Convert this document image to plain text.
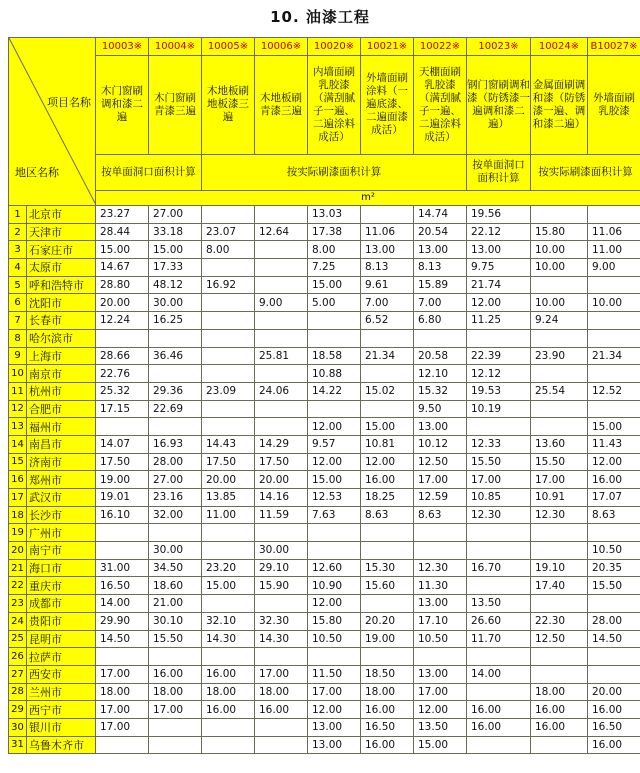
10. 油漆工程
项目名称
地区名称		10003※	10004※	10005※	10006※	10020※	10021※	10022※	10023※	10024※	B10027※
		木门窗刷调和漆二遍	木门窗刷青漆三遍	木地板刷地板漆三遍	木地板刷青漆三遍	内墙面刷乳胶漆（满刮腻子一遍、二遍涂料成活）	外墙面刷涂料（一遍底漆、二遍面漆成活）	天棚面刷乳胶漆（满刮腻子一遍、二遍涂料成活）	钢门窗刷调和漆（防锈漆一遍调和漆二遍）	金属面刷调和漆（防锈漆一遍、调和漆二遍）	外墙面刷乳胶漆
		按单面洞口面积计算		按实际刷漆面积计算					按单面洞口面积计算	按实际刷漆面积计算	
		m²									
1	北京市	23.27	27.00			13.03		14.74	19.56		
2	天津市	28.44	33.18	23.07	12.64	17.38	11.06	20.54	22.12	15.80	11.06
3	石家庄市	15.00	15.00	8.00		8.00	13.00	13.00	13.00	10.00	11.00
4	太原市	14.67	17.33			7.25	8.13	8.13	9.75	10.00	9.00
5	呼和浩特市	28.80	48.12	16.92		15.00	9.61	15.89	21.74		
6	沈阳市	20.00	30.00		9.00	5.00	7.00	7.00	12.00	10.00	10.00
7	长春市	12.24	16.25				6.52	6.80	11.25	9.24	
8	哈尔滨市										
9	上海市	28.66	36.46		25.81	18.58	21.34	20.58	22.39	23.90	21.34
10	南京市	22.76				10.88		12.10	12.12		
11	杭州市	25.32	29.36	23.09	24.06	14.22	15.02	15.32	19.53	25.54	12.52
12	合肥市	17.15	22.69					9.50	10.19		
13	福州市					12.00	15.00	13.00			15.00
14	南昌市	14.07	16.93	14.43	14.29	9.57	10.81	10.12	12.33	13.60	11.43
15	济南市	17.50	28.00	17.50	17.50	12.00	12.00	12.50	15.50	15.50	12.00
16	郑州市	19.00	27.00	20.00	20.00	15.00	16.00	17.00	17.00	17.00	16.00
17	武汉市	19.01	23.16	13.85	14.16	12.53	18.25	12.59	10.85	10.91	17.07
18	长沙市	16.10	32.00	11.00	11.59	7.63	8.63	8.63	12.30	12.30	8.63
19	广州市										
20	南宁市		30.00		30.00						10.50
21	海口市	31.00	34.50	23.20	29.10	12.60	15.30	12.30	16.70	19.10	20.35
22	重庆市	16.50	18.60	15.00	15.90	10.90	15.60	11.30		17.40	15.50
23	成都市	14.00	21.00			12.00		13.00	13.50		
24	贵阳市	29.90	30.10	32.10	32.30	15.80	20.20	17.10	26.60	22.30	28.00
25	昆明市	14.50	15.50	14.30	14.30	10.50	19.00	10.50	11.70	12.50	14.50
26	拉萨市										
27	西安市	17.00	16.00	16.00	17.00	11.50	18.50	13.00	14.00		
28	兰州市	18.00	18.00	18.00	18.00	17.00	18.00	17.00		18.00	20.00
29	西宁市	17.00	17.00	16.00	16.00	12.00	16.00	12.00	16.00	16.00	16.00
30	银川市	17.00				13.00	16.50	13.50	16.00	16.00	16.50
31	乌鲁木齐市					13.00	16.00	15.00			16.00
